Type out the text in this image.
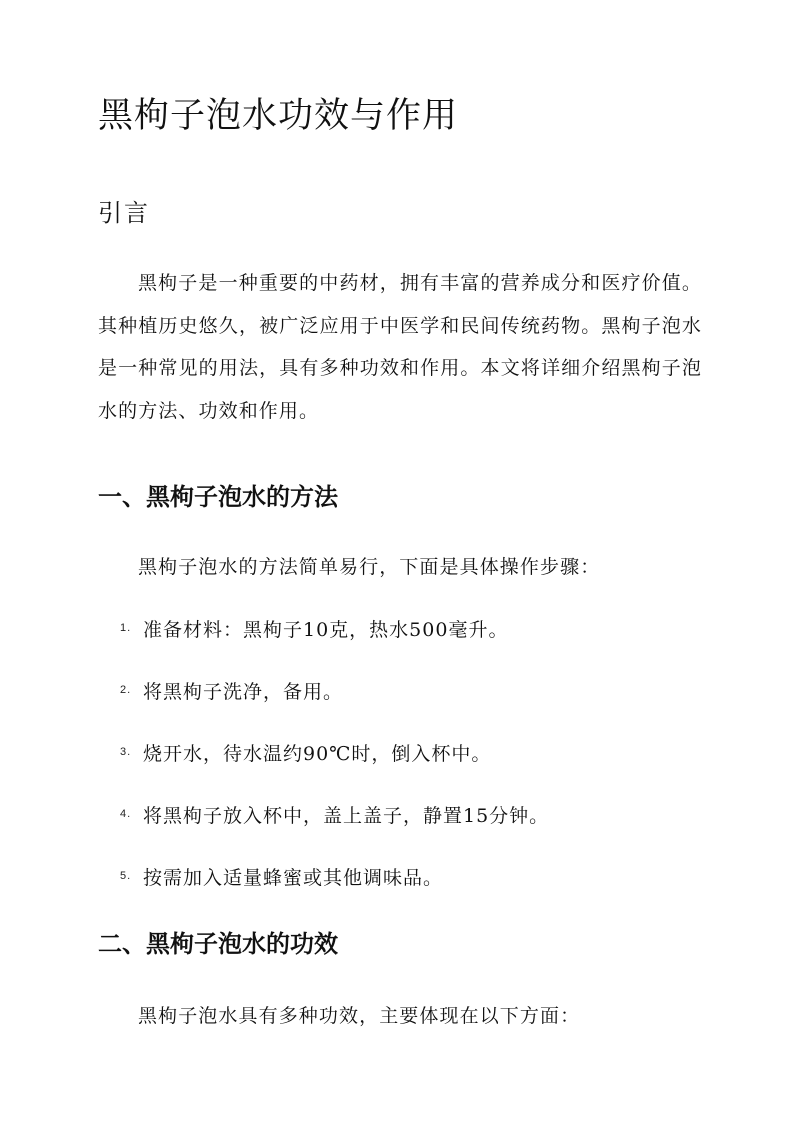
黑枸子泡水功效与作用
引言

黑枸子是一种重要的中药材，拥有丰富的营养成分和医疗价值。其种植历史悠久，被广泛应用于中医学和民间传统药物。黑枸子泡水是一种常见的用法，具有多种功效和作用。本文将详细介绍黑枸子泡水的方法、功效和作用。

一、黑枸子泡水的方法

黑枸子泡水的方法简单易行，下面是具体操作步骤：

1. 准备材料：黑枸子10克，热水500毫升。
2. 将黑枸子洗净，备用。
3. 烧开水，待水温约90℃时，倒入杯中。
4. 将黑枸子放入杯中，盖上盖子，静置15分钟。
5. 按需加入适量蜂蜜或其他调味品。
二、黑枸子泡水的功效

黑枸子泡水具有多种功效，主要体现在以下方面：
